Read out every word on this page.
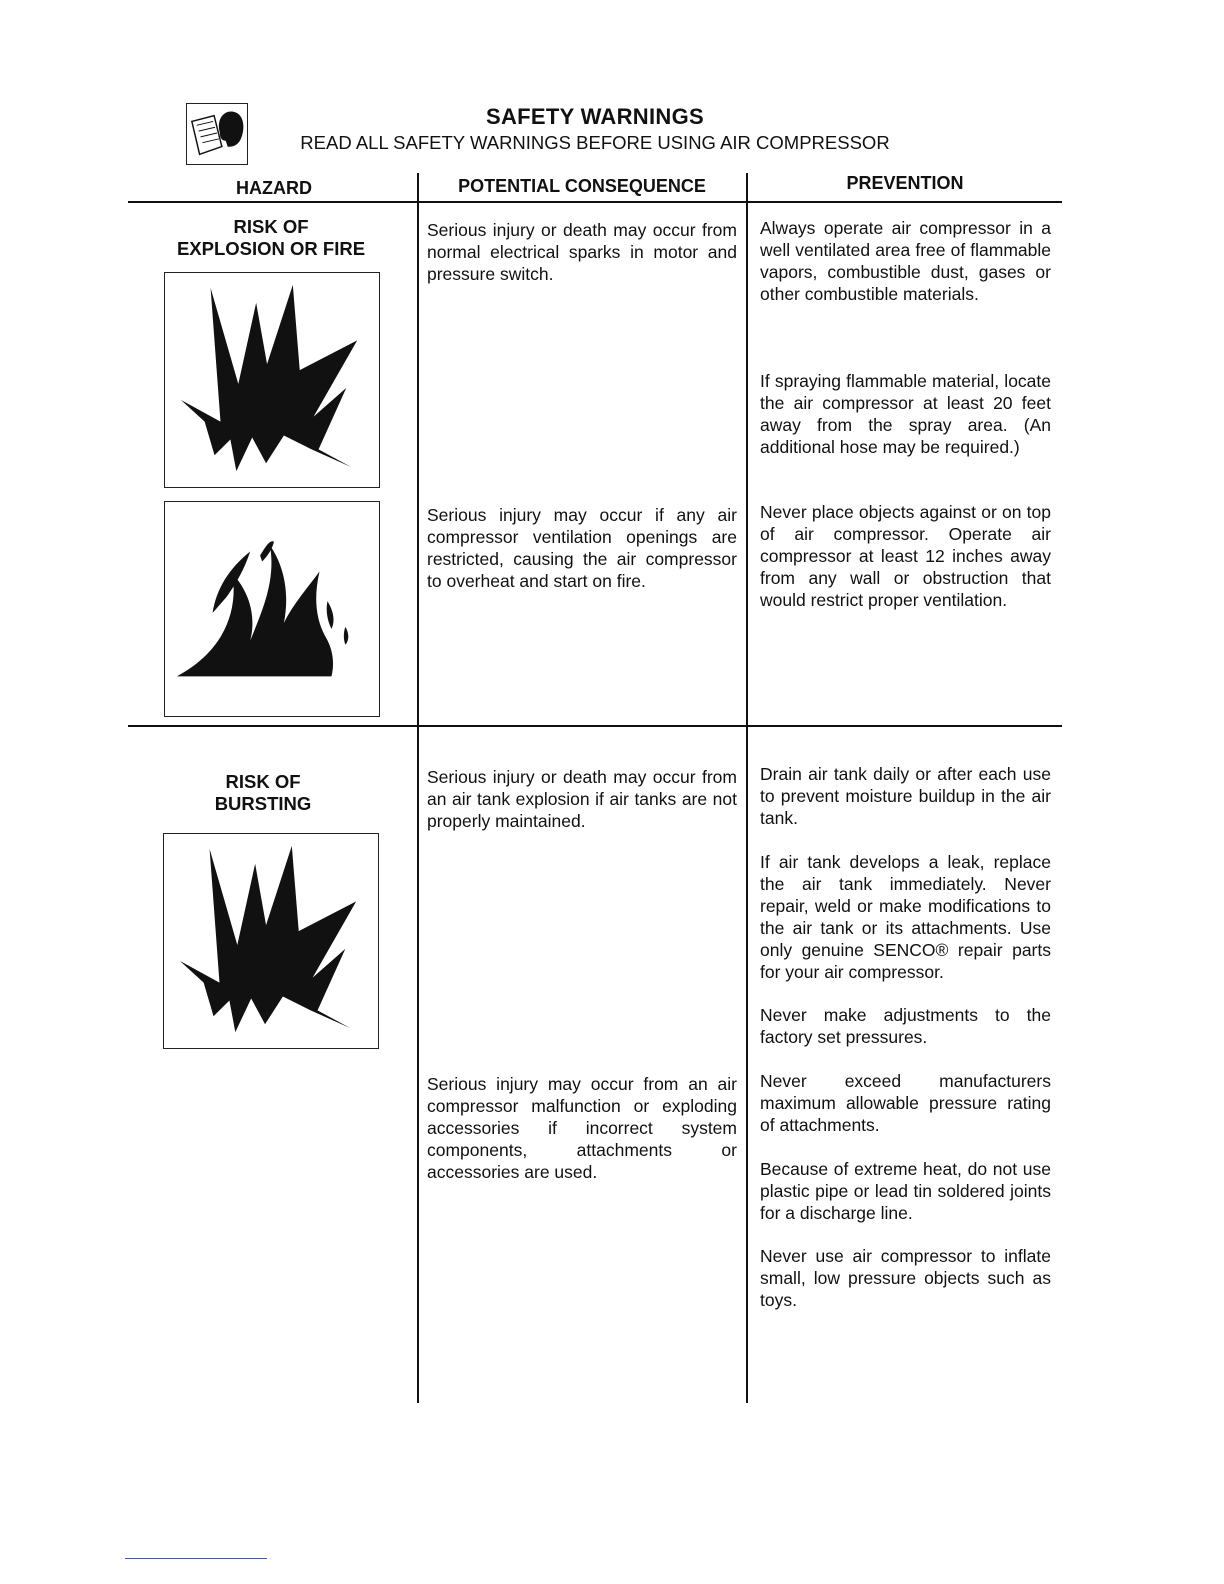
SAFETY WARNINGS
READ ALL SAFETY WARNINGS BEFORE USING AIR COMPRESSOR
HAZARD	POTENTIAL CONSEQUENCE	PREVENTION
RISK OF
EXPLOSION OR FIRE
Serious injury or death may occur from normal electrical sparks in motor and pressure switch.
Serious injury may occur if any air compressor ventilation openings are restricted, causing the air compressor to overheat and start on fire.
Always operate air compressor in a well ventilated area free of flammable vapors, combustible dust, gases or other combustible materials.
If spraying flammable material, locate the air compressor at least 20 feet away from the spray area. (An additional hose may be required.)
Never place objects against or on top of air compressor. Operate air compressor at least 12 inches away from any wall or obstruction that would restrict proper ventilation.
RISK OF
BURSTING
Serious injury or death may occur from an air tank explosion if air tanks are not properly maintained.
Serious injury may occur from an air compressor malfunction or exploding accessories if incorrect system components, attachments or accessories are used.
Drain air tank daily or after each use to prevent moisture buildup in the air tank.
If air tank develops a leak, replace the air tank immediately. Never repair, weld or make modifications to the air tank or its attachments. Use only genuine SENCO® repair parts for your air compressor.
Never make adjustments to the factory set pressures.
Never exceed manufacturers maximum allowable pressure rating of attachments.
Because of extreme heat, do not use plastic pipe or lead tin soldered joints for a discharge line.
Never use air compressor to inflate small, low pressure objects such as toys.
